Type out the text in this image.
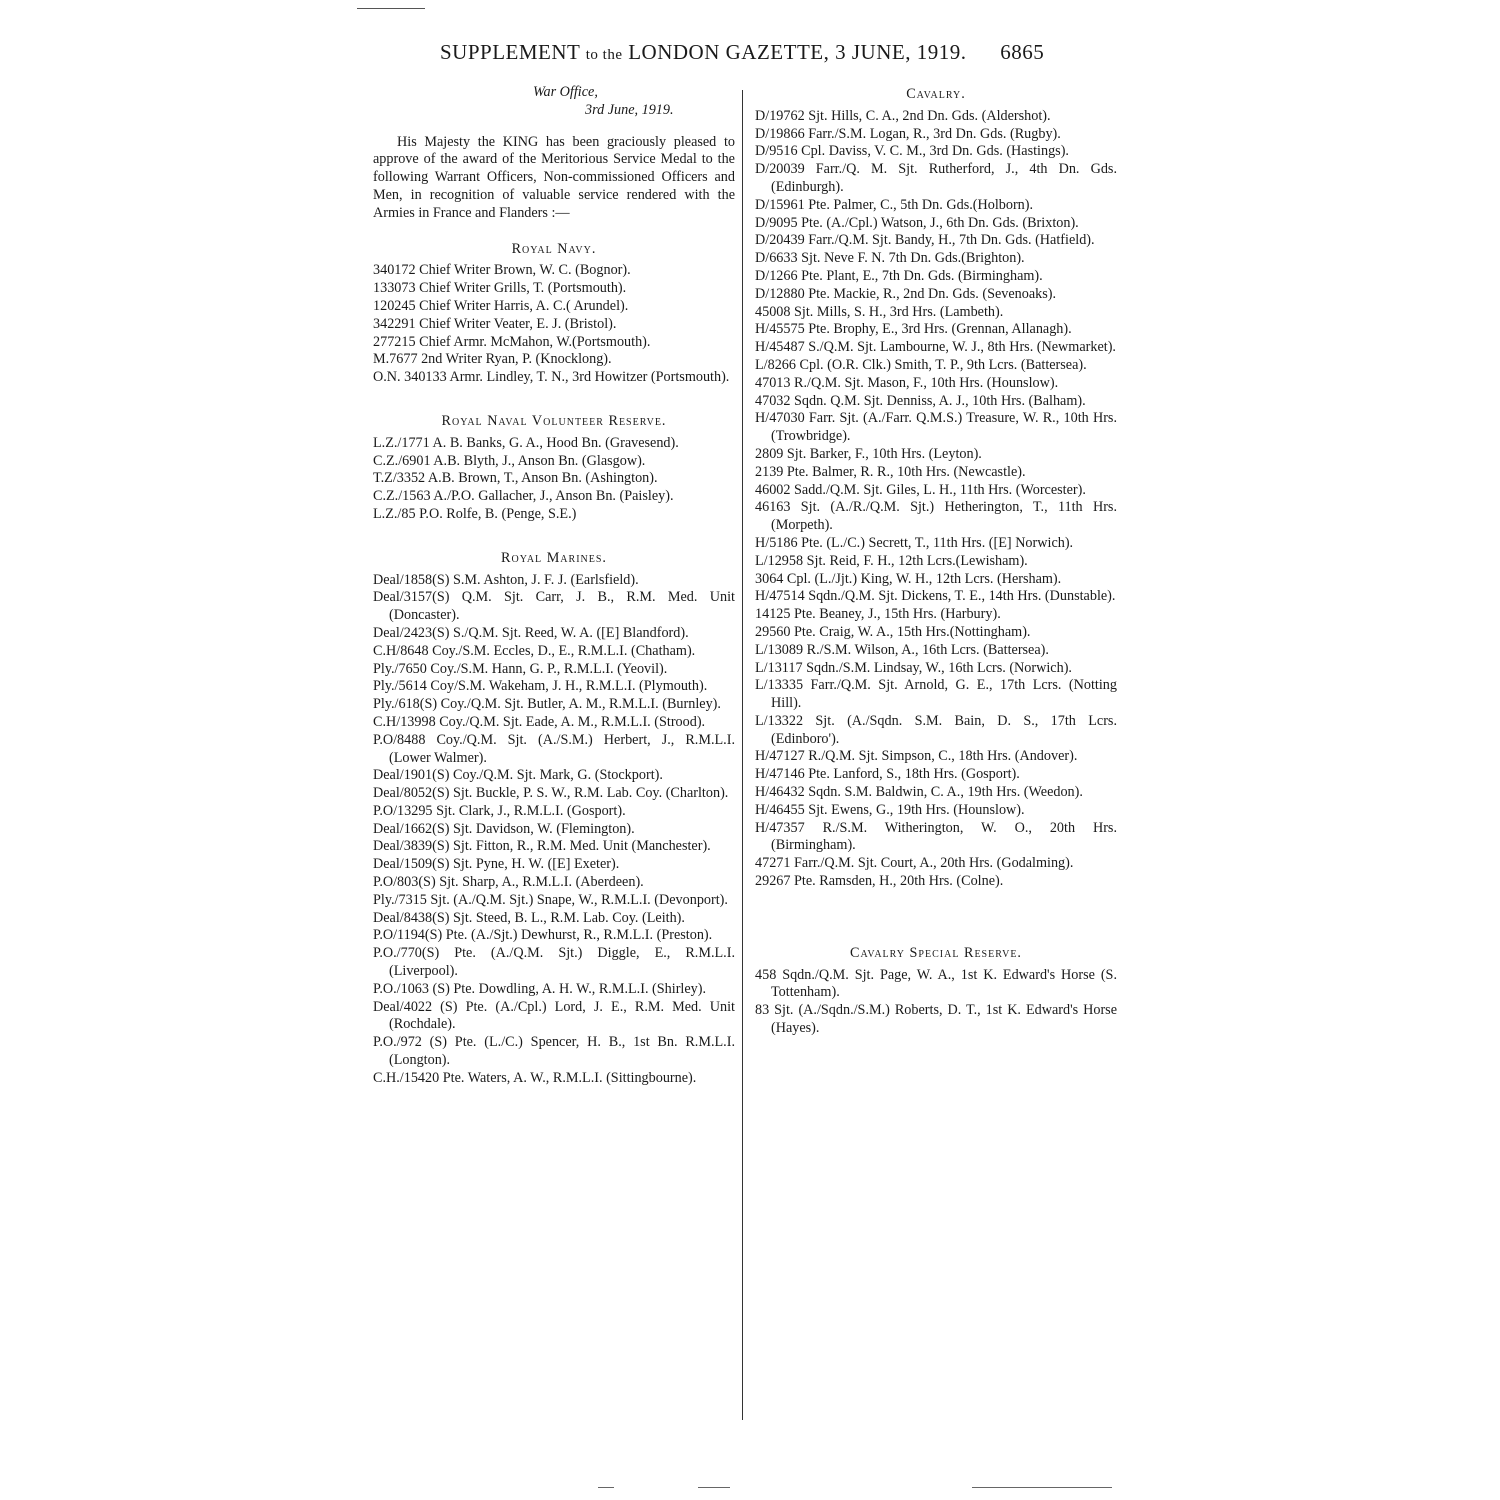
SUPPLEMENT to the LONDON GAZETTE, 3 JUNE, 1919. 6865
War Office,
3rd June, 1919.
His Majesty the KING has been graciously pleased to approve of the award of the Meritorious Service Medal to the following Warrant Officers, Non-commissioned Officers and Men, in recognition of valuable service rendered with the Armies in France and Flanders :—
Royal Navy.
340172 Chief Writer Brown, W. C. (Bognor).
133073 Chief Writer Grills, T. (Portsmouth).
120245 Chief Writer Harris, A. C.( Arundel).
342291 Chief Writer Veater, E. J. (Bristol).
277215 Chief Armr. McMahon, W.(Portsmouth).
M.7677 2nd Writer Ryan, P. (Knocklong).
O.N. 340133 Armr. Lindley, T. N., 3rd Howitzer (Portsmouth).
Royal Naval Volunteer Reserve.
L.Z./1771 A. B. Banks, G. A., Hood Bn. (Gravesend).
C.Z./6901 A.B. Blyth, J., Anson Bn. (Glasgow).
T.Z/3352 A.B. Brown, T., Anson Bn. (Ashington).
C.Z./1563 A./P.O. Gallacher, J., Anson Bn. (Paisley).
L.Z./85 P.O. Rolfe, B. (Penge, S.E.)
Royal Marines.
Deal/1858(S) S.M. Ashton, J. F. J. (Earlsfield).
Deal/3157(S) Q.M. Sjt. Carr, J. B., R.M. Med. Unit (Doncaster).
Deal/2423(S) S./Q.M. Sjt. Reed, W. A. ([E] Blandford).
C.H/8648 Coy./S.M. Eccles, D., E., R.M.L.I. (Chatham).
Ply./7650 Coy./S.M. Hann, G. P., R.M.L.I. (Yeovil).
Ply./5614 Coy/S.M. Wakeham, J. H., R.M.L.I. (Plymouth).
Ply./618(S) Coy./Q.M. Sjt. Butler, A. M., R.M.L.I. (Burnley).
C.H/13998 Coy./Q.M. Sjt. Eade, A. M., R.M.L.I. (Strood).
P.O/8488 Coy./Q.M. Sjt. (A./S.M.) Herbert, J., R.M.L.I. (Lower Walmer).
Deal/1901(S) Coy./Q.M. Sjt. Mark, G. (Stockport).
Deal/8052(S) Sjt. Buckle, P. S. W., R.M. Lab. Coy. (Charlton).
P.O/13295 Sjt. Clark, J., R.M.L.I. (Gosport).
Deal/1662(S) Sjt. Davidson, W. (Flemington).
Deal/3839(S) Sjt. Fitton, R., R.M. Med. Unit (Manchester).
Deal/1509(S) Sjt. Pyne, H. W. ([E] Exeter).
P.O/803(S) Sjt. Sharp, A., R.M.L.I. (Aberdeen).
Ply./7315 Sjt. (A./Q.M. Sjt.) Snape, W., R.M.L.I. (Devonport).
Deal/8438(S) Sjt. Steed, B. L., R.M. Lab. Coy. (Leith).
P.O/1194(S) Pte. (A./Sjt.) Dewhurst, R., R.M.L.I. (Preston).
P.O./770(S) Pte. (A./Q.M. Sjt.) Diggle, E., R.M.L.I. (Liverpool).
P.O./1063 (S) Pte. Dowdling, A. H. W., R.M.L.I. (Shirley).
Deal/4022 (S) Pte. (A./Cpl.) Lord, J. E., R.M. Med. Unit (Rochdale).
P.O./972 (S) Pte. (L./C.) Spencer, H. B., 1st Bn. R.M.L.I. (Longton).
C.H./15420 Pte. Waters, A. W., R.M.L.I. (Sittingbourne).
Cavalry.
D/19762 Sjt. Hills, C. A., 2nd Dn. Gds. (Aldershot).
D/19866 Farr./S.M. Logan, R., 3rd Dn. Gds. (Rugby).
D/9516 Cpl. Daviss, V. C. M., 3rd Dn. Gds. (Hastings).
D/20039 Farr./Q. M. Sjt. Rutherford, J., 4th Dn. Gds. (Edinburgh).
D/15961 Pte. Palmer, C., 5th Dn. Gds.(Holborn).
D/9095 Pte. (A./Cpl.) Watson, J., 6th Dn. Gds. (Brixton).
D/20439 Farr./Q.M. Sjt. Bandy, H., 7th Dn. Gds. (Hatfield).
D/6633 Sjt. Neve F. N. 7th Dn. Gds.(Brighton).
D/1266 Pte. Plant, E., 7th Dn. Gds. (Birmingham).
D/12880 Pte. Mackie, R., 2nd Dn. Gds. (Sevenoaks).
45008 Sjt. Mills, S. H., 3rd Hrs. (Lambeth).
H/45575 Pte. Brophy, E., 3rd Hrs. (Grennan, Allanagh).
H/45487 S./Q.M. Sjt. Lambourne, W. J., 8th Hrs. (Newmarket).
L/8266 Cpl. (O.R. Clk.) Smith, T. P., 9th Lcrs. (Battersea).
47013 R./Q.M. Sjt. Mason, F., 10th Hrs. (Hounslow).
47032 Sqdn. Q.M. Sjt. Denniss, A. J., 10th Hrs. (Balham).
H/47030 Farr. Sjt. (A./Farr. Q.M.S.) Treasure, W. R., 10th Hrs. (Trowbridge).
2809 Sjt. Barker, F., 10th Hrs. (Leyton).
2139 Pte. Balmer, R. R., 10th Hrs. (Newcastle).
46002 Sadd./Q.M. Sjt. Giles, L. H., 11th Hrs. (Worcester).
46163 Sjt. (A./R./Q.M. Sjt.) Hetherington, T., 11th Hrs. (Morpeth).
H/5186 Pte. (L./C.) Secrett, T., 11th Hrs. ([E] Norwich).
L/12958 Sjt. Reid, F. H., 12th Lcrs.(Lewisham).
3064 Cpl. (L./Jjt.) King, W. H., 12th Lcrs. (Hersham).
H/47514 Sqdn./Q.M. Sjt. Dickens, T. E., 14th Hrs. (Dunstable).
14125 Pte. Beaney, J., 15th Hrs. (Harbury).
29560 Pte. Craig, W. A., 15th Hrs.(Nottingham).
L/13089 R./S.M. Wilson, A., 16th Lcrs. (Battersea).
L/13117 Sqdn./S.M. Lindsay, W., 16th Lcrs. (Norwich).
L/13335 Farr./Q.M. Sjt. Arnold, G. E., 17th Lcrs. (Notting Hill).
L/13322 Sjt. (A./Sqdn. S.M. Bain, D. S., 17th Lcrs. (Edinboro').
H/47127 R./Q.M. Sjt. Simpson, C., 18th Hrs. (Andover).
H/47146 Pte. Lanford, S., 18th Hrs. (Gosport).
H/46432 Sqdn. S.M. Baldwin, C. A., 19th Hrs. (Weedon).
H/46455 Sjt. Ewens, G., 19th Hrs. (Hounslow).
H/47357 R./S.M. Witherington, W. O., 20th Hrs. (Birmingham).
47271 Farr./Q.M. Sjt. Court, A., 20th Hrs. (Godalming).
29267 Pte. Ramsden, H., 20th Hrs. (Colne).
Cavalry Special Reserve.
458 Sqdn./Q.M. Sjt. Page, W. A., 1st K. Edward's Horse (S. Tottenham).
83 Sjt. (A./Sqdn./S.M.) Roberts, D. T., 1st K. Edward's Horse (Hayes).
